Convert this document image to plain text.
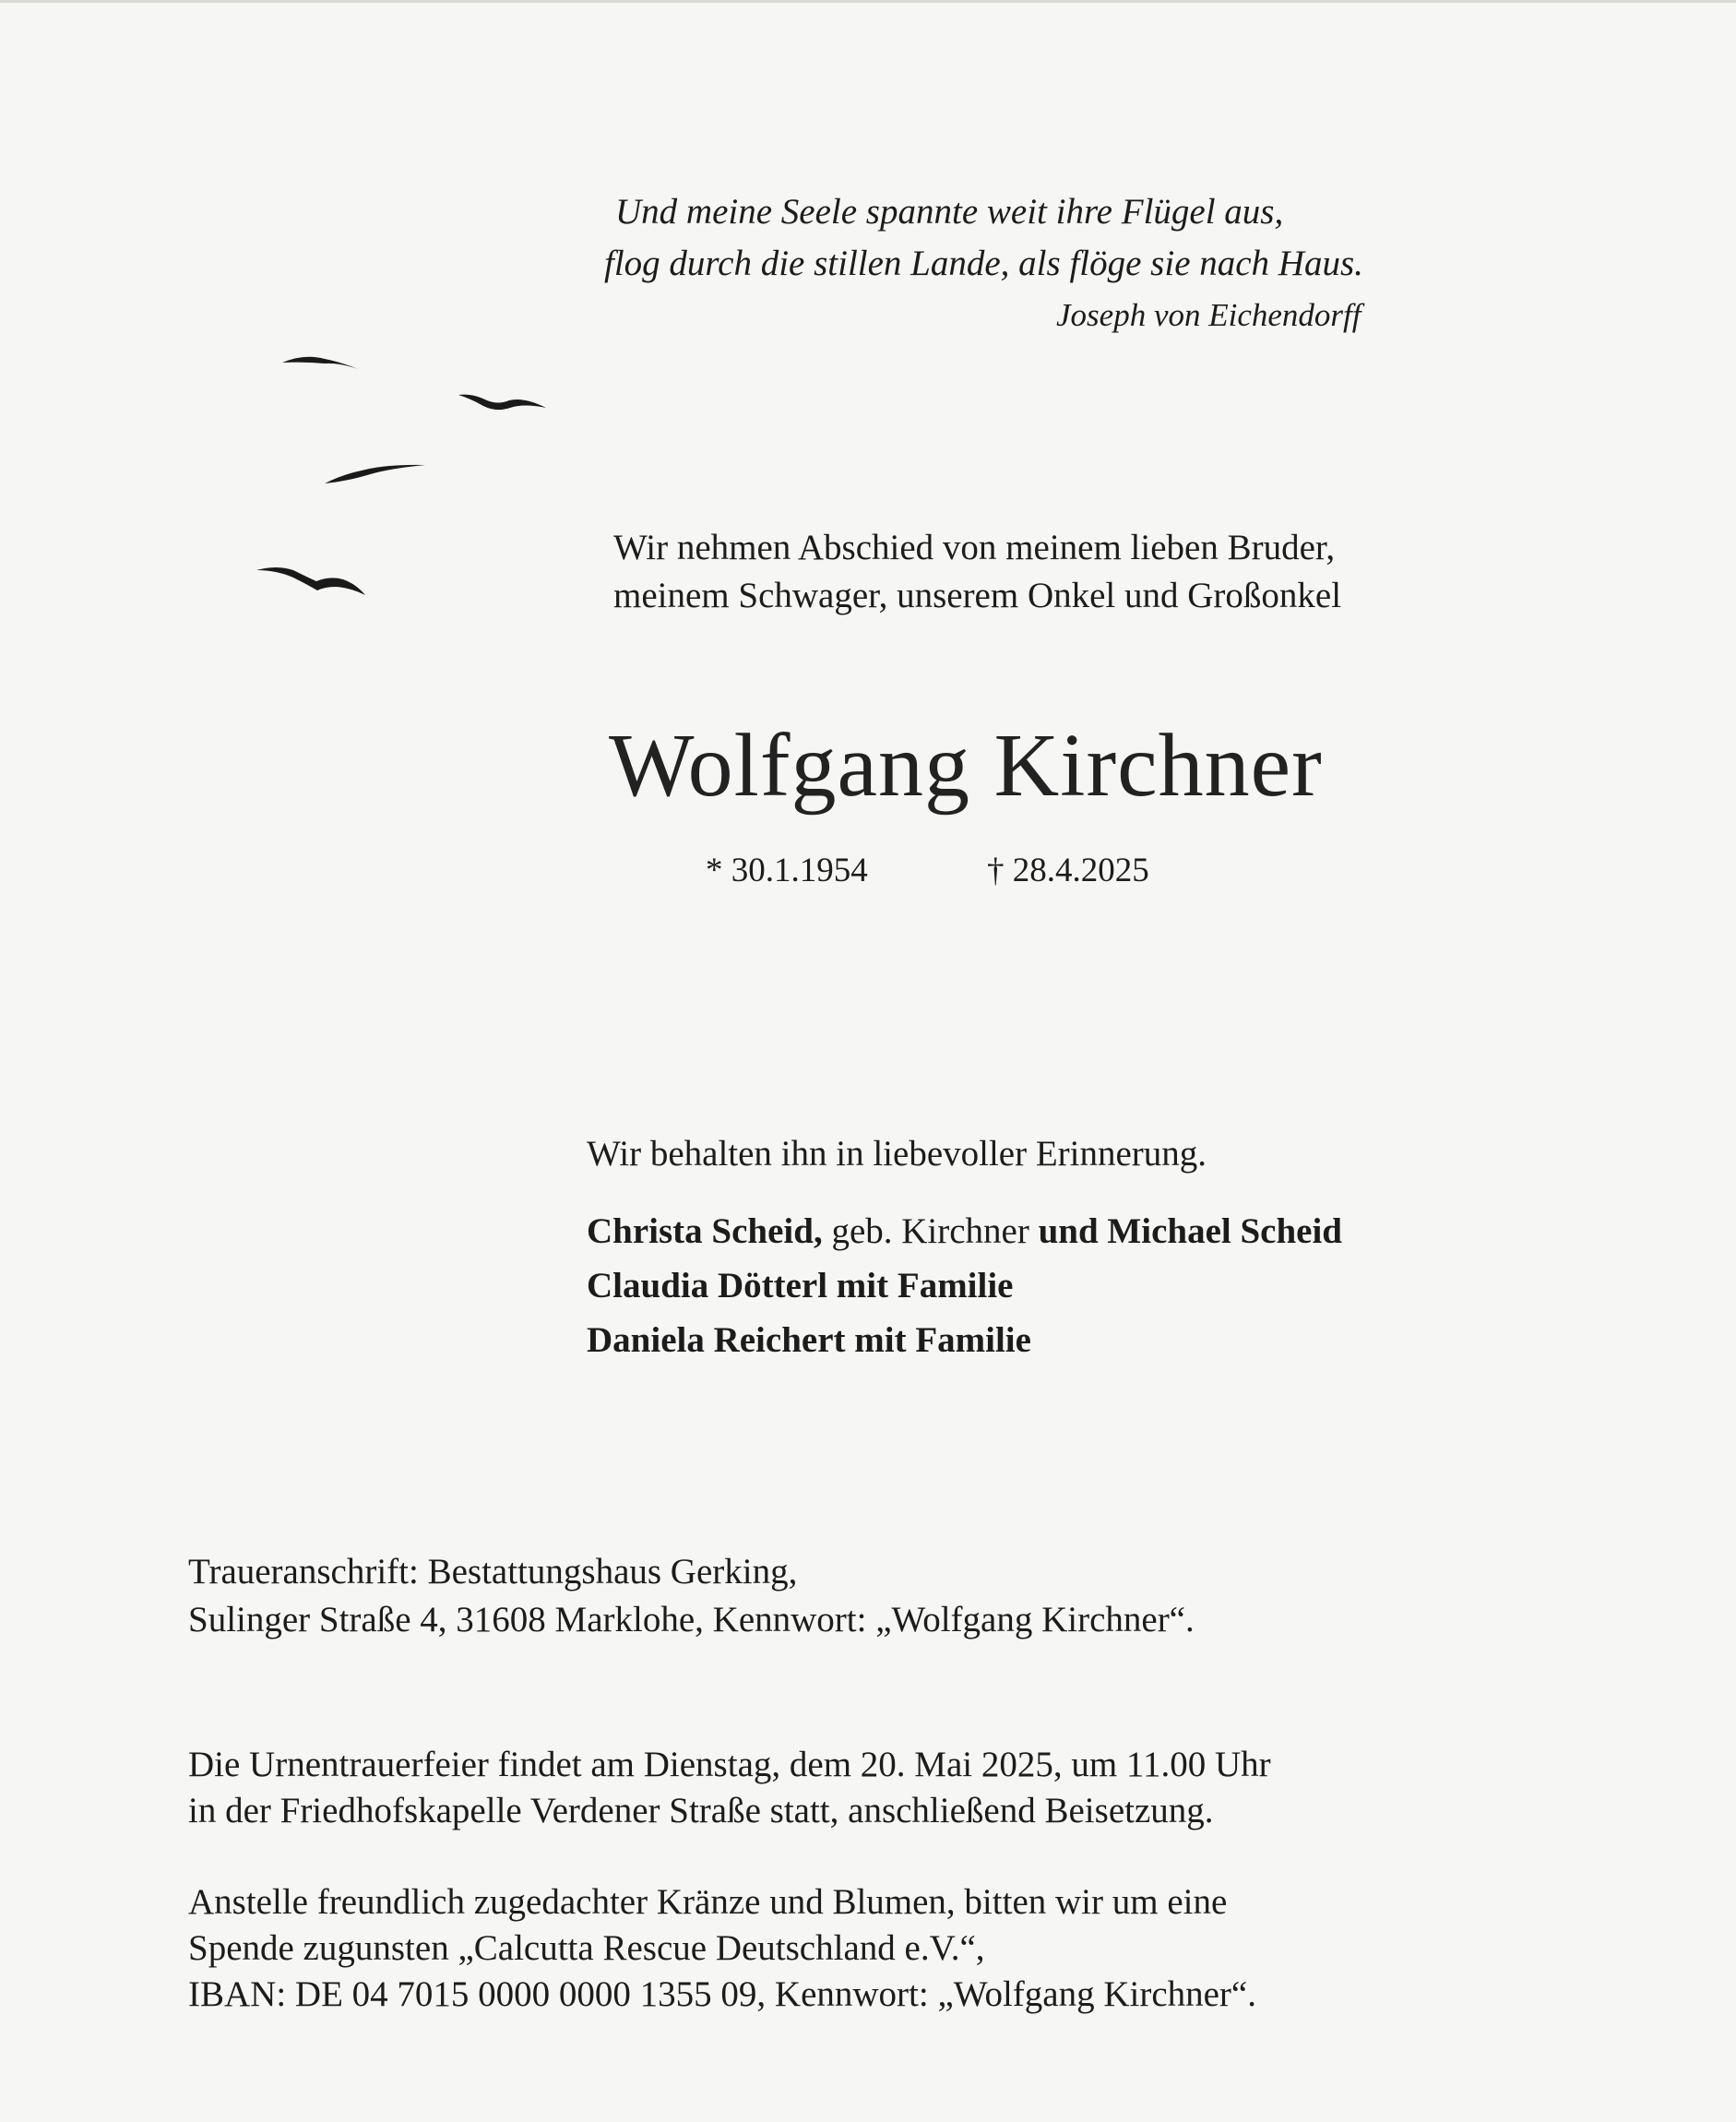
Und meine Seele spannte weit ihre Flügel aus,
flog durch die stillen Lande, als flöge sie nach Haus.
Joseph von Eichendorff
Wir nehmen Abschied von meinem lieben Bruder,
meinem Schwager, unserem Onkel und Großonkel
Wolfgang Kirchner
* 30.1.1954	† 28.4.2025
Wir behalten ihn in liebevoller Erinnerung.
Christa Scheid, geb. Kirchner und Michael Scheid
Claudia Dötterl mit Familie
Daniela Reichert mit Familie
Traueranschrift: Bestattungshaus Gerking,
Sulinger Straße 4, 31608 Marklohe, Kennwort: „Wolfgang Kirchner“.
Die Urnentrauerfeier findet am Dienstag, dem 20. Mai 2025, um 11.00 Uhr
in der Friedhofskapelle Verdener Straße statt, anschließend Beisetzung.
Anstelle freundlich zugedachter Kränze und Blumen, bitten wir um eine
Spende zugunsten „Calcutta Rescue Deutschland e.V.“,
IBAN: DE 04 7015 0000 0000 1355 09, Kennwort: „Wolfgang Kirchner“.
